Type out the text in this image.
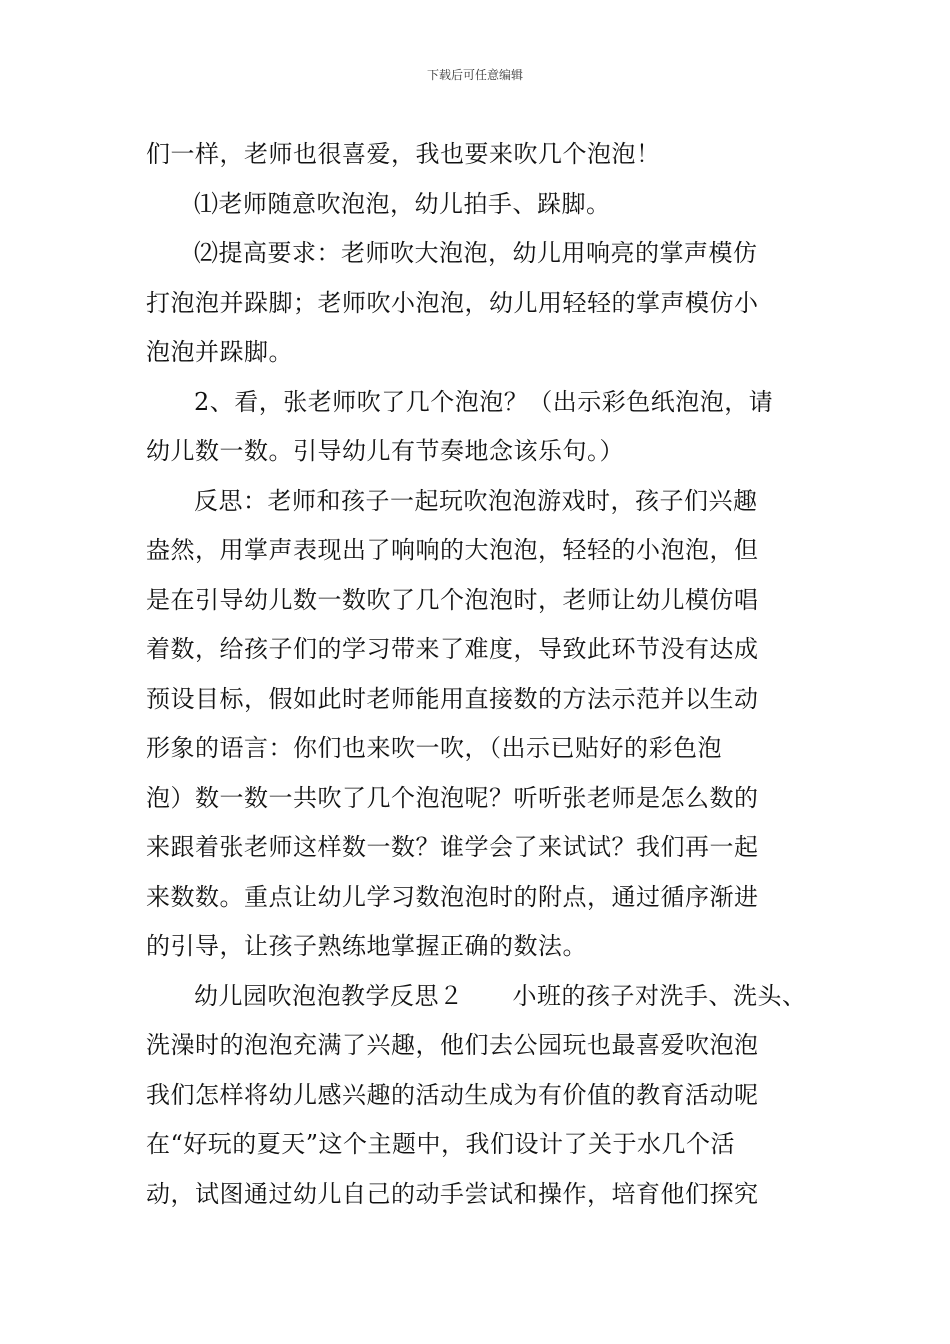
下载后可任意编辑
们一样，老师也很喜爱，我也要来吹几个泡泡！
⑴老师随意吹泡泡，幼儿拍手、跺脚。
⑵提高要求：老师吹大泡泡，幼儿用响亮的掌声模仿
打泡泡并跺脚；老师吹小泡泡，幼儿用轻轻的掌声模仿小
泡泡并跺脚。
2、看，张老师吹了几个泡泡？（出示彩色纸泡泡，请
幼儿数一数。引导幼儿有节奏地念该乐句。）
反思：老师和孩子一起玩吹泡泡游戏时，孩子们兴趣
盎然，用掌声表现出了响响的大泡泡，轻轻的小泡泡，但
是在引导幼儿数一数吹了几个泡泡时，老师让幼儿模仿唱
着数，给孩子们的学习带来了难度，导致此环节没有达成
预设目标，假如此时老师能用直接数的方法示范并以生动
形象的语言：你们也来吹一吹，（出示已贴好的彩色泡
泡）数一数一共吹了几个泡泡呢？听听张老师是怎么数的
来跟着张老师这样数一数？谁学会了来试试？我们再一起
来数数。重点让幼儿学习数泡泡时的附点，通过循序渐进
的引导，让孩子熟练地掌握正确的数法。
幼儿园吹泡泡教学反思２　　小班的孩子对洗手、洗头、
洗澡时的泡泡充满了兴趣，他们去公园玩也最喜爱吹泡泡
我们怎样将幼儿感兴趣的活动生成为有价值的教育活动呢
在“好玩的夏天”这个主题中，我们设计了关于水几个活
动，试图通过幼儿自己的动手尝试和操作，培育他们探究
